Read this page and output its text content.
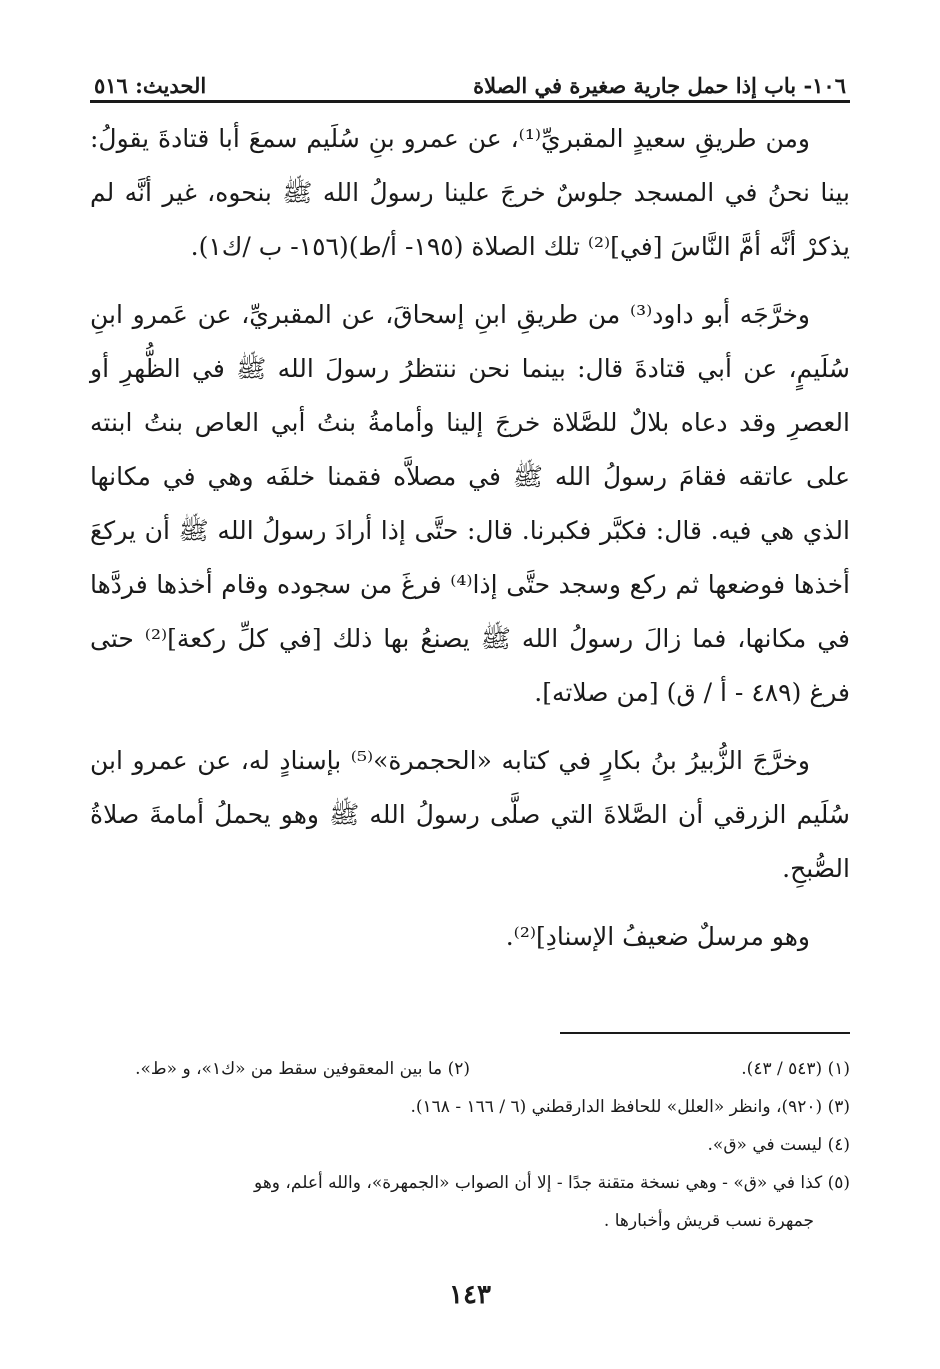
١٠٦- باب إذا حمل جارية صغيرة في الصلاة
الحديث: ٥١٦

ومن طريقِ سعيدٍ المقبريِّ⁽¹⁾، عن عمرو بنِ سُلَيم سمعَ أبا قتادةَ يقولُ: بينا نحنُ في المسجد جلوسٌ خرجَ علينا رسولُ الله ﷺ بنحوه، غير أنَّه لم يذكرْ أنَّه أمَّ النَّاسَ [في]⁽²⁾ تلك الصلاة (١٩٥- أ/ط)(١٥٦- ب /ك١).

وخرَّجَه أبو داود⁽³⁾ من طريقِ ابنِ إسحاقَ، عن المقبريِّ، عن عَمرو ابنِ سُلَيمٍ، عن أبي قتادةَ قال: بينما نحن ننتظرُ رسولَ الله ﷺ في الظُّهرِ أو العصرِ وقد دعاه بلالٌ للصَّلاة خرجَ إلينا وأمامةُ بنتُ أبي العاص بنتُ ابنته على عاتقه فقامَ رسولُ الله ﷺ في مصلاَّه فقمنا خلفَه وهي في مكانها الذي هي فيه. قال: فكبَّر فكبرنا. قال: حتَّى إذا أرادَ رسولُ الله ﷺ أن يركعَ أخذها فوضعها ثم ركع وسجد حتَّى إذا⁽⁴⁾ فرغَ من سجوده وقام أخذها فردَّها في مكانها، فما زالَ رسولُ الله ﷺ يصنعُ بها ذلك [في كلِّ ركعة]⁽²⁾ حتى فرغ (٤٨٩ - أ / ق) [من صلاته].

وخرَّجَ الزُّبيرُ بنُ بكارٍ في كتابه «الحجمرة»⁽⁵⁾ بإسنادٍ له، عن عمرو ابن سُلَيم الزرقي أن الصَّلاةَ التي صلَّى رسولُ الله ﷺ وهو يحملُ أمامةَ صلاةُ الصُّبحِ.

وهو مرسلٌ ضعيفُ الإسنادِ]⁽²⁾.

(١) (٥٤٣ / ٤٣).
(٢) ما بين المعقوفين سقط من «ك١»، و «ط».

(٣) (٩٢٠)، وانظر «العلل» للحافظ الدارقطني (٦ / ١٦٦ - ١٦٨).

(٤) ليست في «ق».

(٥) كذا في «ق» - وهي نسخة متقنة جدًا - إلا أن الصواب «الجمهرة»، والله أعلم، وهو

جمهرة نسب قريش وأخبارها .

١٤٣
